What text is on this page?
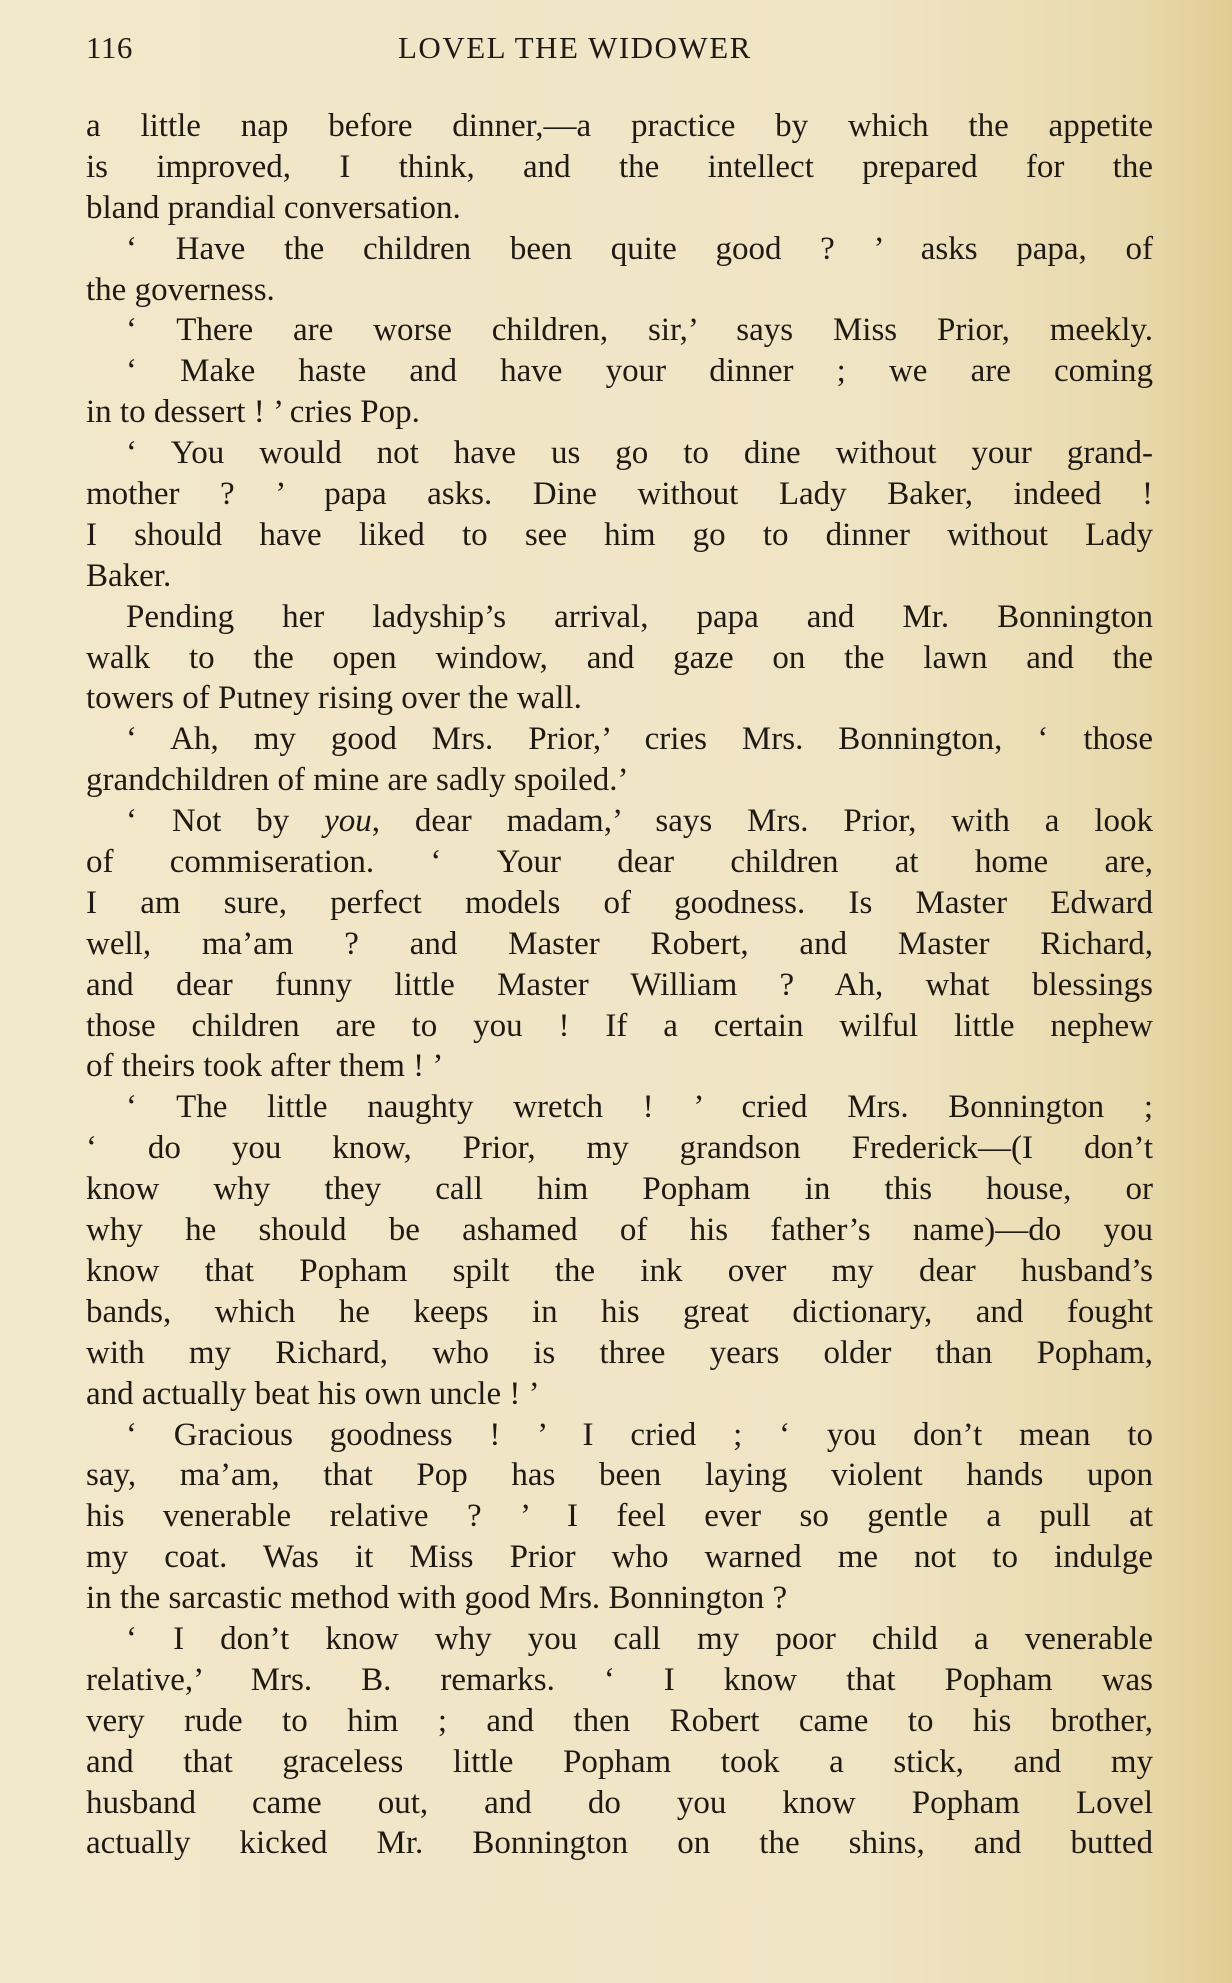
116	LOVEL THE WIDOWER
a little nap before dinner,—a practice by which the appetite
is improved, I think, and the intellect prepared for the
bland prandial conversation.
‘ Have the children been quite good ? ’ asks papa, of
the governess.
‘ There are worse children, sir,’ says Miss Prior, meekly.
‘ Make haste and have your dinner ; we are coming
in to dessert ! ’ cries Pop.
‘ You would not have us go to dine without your grand-
mother ? ’ papa asks. Dine without Lady Baker, indeed !
I should have liked to see him go to dinner without Lady
Baker.
Pending her ladyship’s arrival, papa and Mr. Bonnington
walk to the open window, and gaze on the lawn and the
towers of Putney rising over the wall.
‘ Ah, my good Mrs. Prior,’ cries Mrs. Bonnington, ‘ those
grandchildren of mine are sadly spoiled.’
‘ Not by you, dear madam,’ says Mrs. Prior, with a look
of commiseration. ‘ Your dear children at home are,
I am sure, perfect models of goodness. Is Master Edward
well, ma’am ? and Master Robert, and Master Richard,
and dear funny little Master William ? Ah, what blessings
those children are to you ! If a certain wilful little nephew
of theirs took after them ! ’
‘ The little naughty wretch ! ’ cried Mrs. Bonnington ;
‘ do you know, Prior, my grandson Frederick—(I don’t
know why they call him Popham in this house, or
why he should be ashamed of his father’s name)—do you
know that Popham spilt the ink over my dear husband’s
bands, which he keeps in his great dictionary, and fought
with my Richard, who is three years older than Popham,
and actually beat his own uncle ! ’
‘ Gracious goodness ! ’ I cried ; ‘ you don’t mean to
say, ma’am, that Pop has been laying violent hands upon
his venerable relative ? ’ I feel ever so gentle a pull at
my coat. Was it Miss Prior who warned me not to indulge
in the sarcastic method with good Mrs. Bonnington ?
‘ I don’t know why you call my poor child a venerable
relative,’ Mrs. B. remarks. ‘ I know that Popham was
very rude to him ; and then Robert came to his brother,
and that graceless little Popham took a stick, and my
husband came out, and do you know Popham Lovel
actually kicked Mr. Bonnington on the shins, and butted
